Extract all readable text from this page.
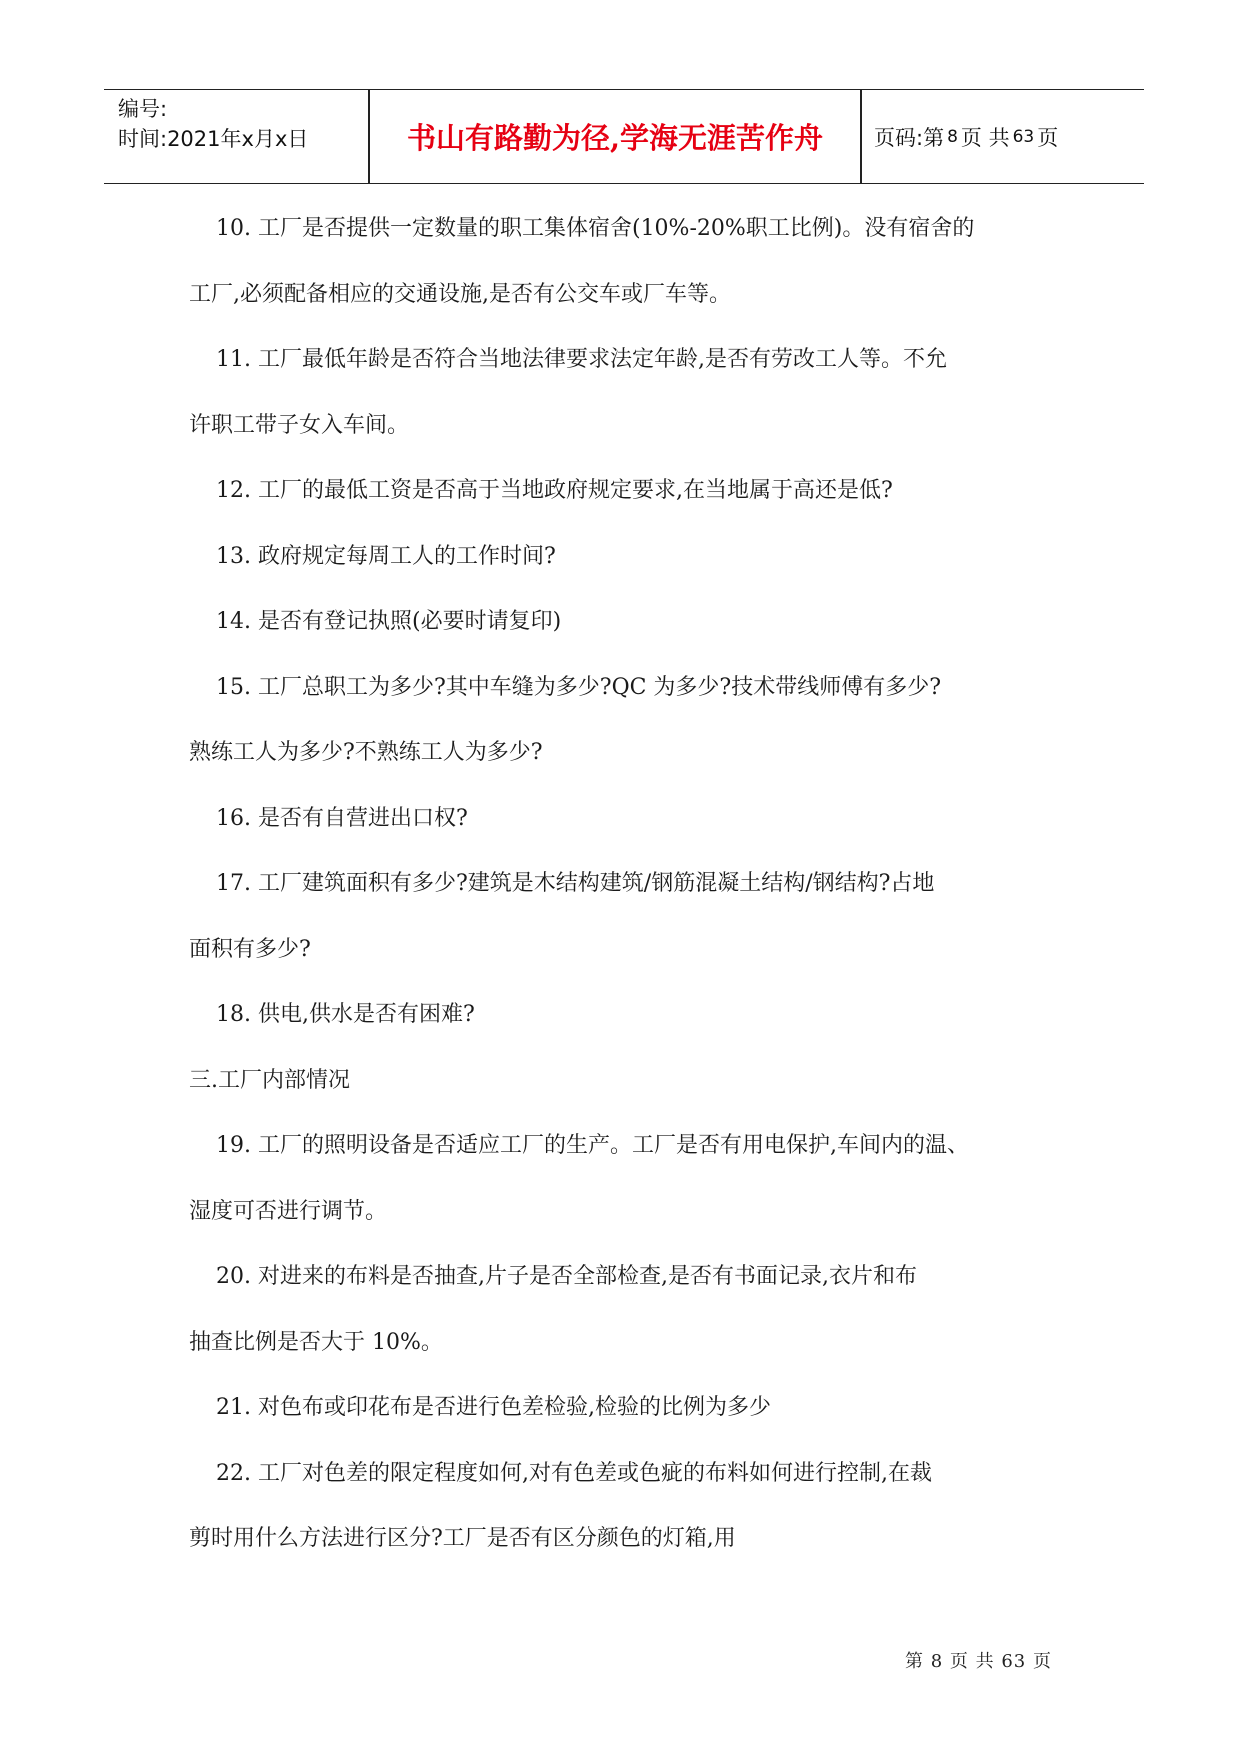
编号:
时间:2021年x月x日	书山有路勤为径,学海无涯苦作舟	页码:第 8 页 共 63 页
10. 工厂是否提供一定数量的职工集体宿舍(10%-20%职工比例)。没有宿舍的
工厂,必须配备相应的交通设施,是否有公交车或厂车等。
11. 工厂最低年龄是否符合当地法律要求法定年龄,是否有劳改工人等。不允
许职工带子女入车间。
12. 工厂的最低工资是否高于当地政府规定要求,在当地属于高还是低?
13. 政府规定每周工人的工作时间?
14. 是否有登记执照(必要时请复印)
15. 工厂总职工为多少?其中车缝为多少?QC 为多少?技术带线师傅有多少?
熟练工人为多少?不熟练工人为多少?
16. 是否有自营进出口权?
17. 工厂建筑面积有多少?建筑是木结构建筑/钢筋混凝土结构/钢结构?占地
面积有多少?
18. 供电,供水是否有困难?
三.工厂内部情况
19. 工厂的照明设备是否适应工厂的生产。工厂是否有用电保护,车间内的温、
湿度可否进行调节。
20. 对进来的布料是否抽查,片子是否全部检查,是否有书面记录,衣片和布
抽查比例是否大于 10%。
21. 对色布或印花布是否进行色差检验,检验的比例为多少
22. 工厂对色差的限定程度如何,对有色差或色疵的布料如何进行控制,在裁
剪时用什么方法进行区分?工厂是否有区分颜色的灯箱,用
第 8 页 共 63 页
